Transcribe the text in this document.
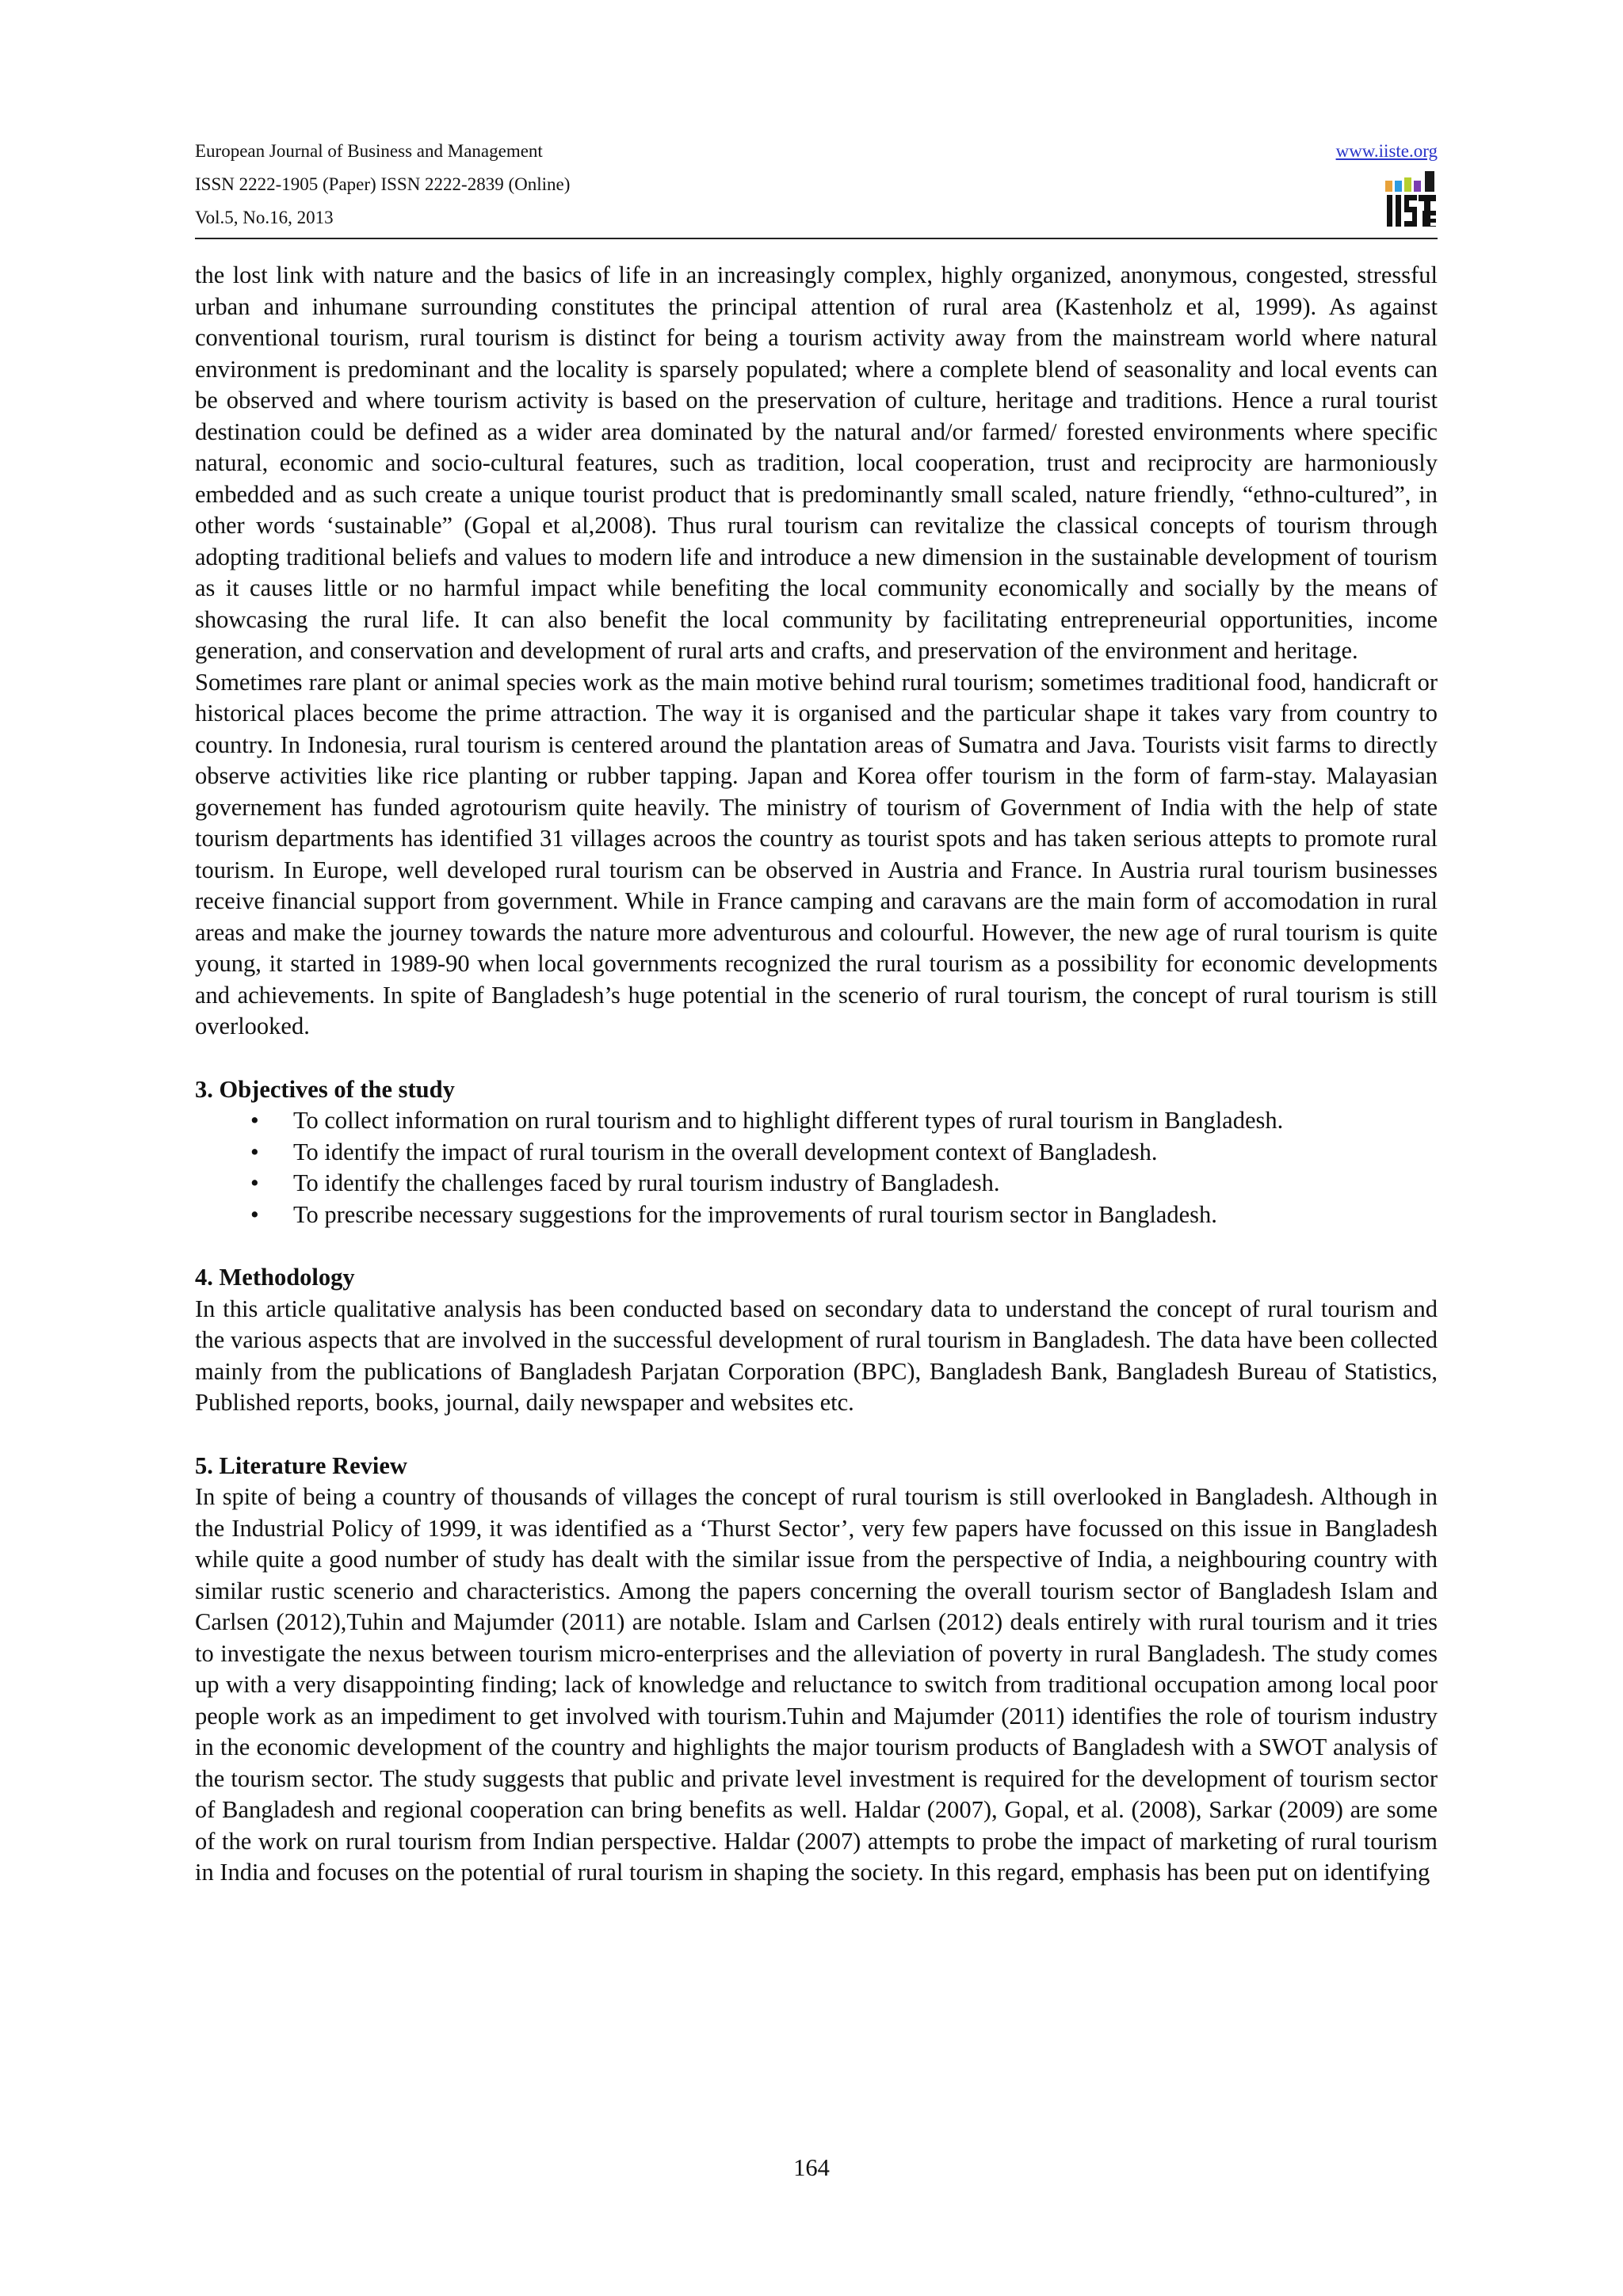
European Journal of Business and Management
ISSN 2222-1905 (Paper) ISSN 2222-2839 (Online)
Vol.5, No.16, 2013
www.iiste.org

the lost link with nature and the basics of life in an increasingly complex, highly organized, anonymous, congested, stressful urban and inhumane surrounding constitutes the principal attention of rural area (Kastenholz et al, 1999). As against conventional tourism, rural tourism is distinct for being a tourism activity away from the mainstream world where natural environment is predominant and the locality is sparsely populated; where a complete blend of seasonality and local events can be observed and where tourism activity is based on the preservation of culture, heritage and traditions. Hence a rural tourist destination could be defined as a wider area dominated by the natural and/or farmed/ forested environments where specific natural, economic and socio-cultural features, such as tradition, local cooperation, trust and reciprocity are harmoniously embedded and as such create a unique tourist product that is predominantly small scaled, nature friendly, “ethno-cultured”, in other words ‘sustainable” (Gopal et al,2008). Thus rural tourism can revitalize the classical concepts of tourism through adopting traditional beliefs and values to modern life and introduce a new dimension in the sustainable development of tourism as it causes little or no harmful impact while benefiting the local community economically and socially by the means of showcasing the rural life. It can also benefit the local community by facilitating entrepreneurial opportunities, income generation, and conservation and development of rural arts and crafts, and preservation of the environment and heritage.

Sometimes rare plant or animal species work as the main motive behind rural tourism; sometimes traditional food, handicraft or historical places become the prime attraction. The way it is organised and the particular shape it takes vary from country to country. In Indonesia, rural tourism is centered around the plantation areas of Sumatra and Java. Tourists visit farms to directly observe activities like rice planting or rubber tapping. Japan and Korea offer tourism in the form of farm-stay. Malayasian governement has funded agrotourism quite heavily. The ministry of tourism of Government of India with the help of state tourism departments has identified 31 villages acroos the country as tourist spots and has taken serious attepts to promote rural tourism. In Europe, well developed rural tourism can be observed in Austria and France. In Austria rural tourism businesses receive financial support from government. While in France camping and caravans are the main form of accomodation in rural areas and make the journey towards the nature more adventurous and colourful. However, the new age of rural tourism is quite young, it started in 1989-90 when local governments recognized the rural tourism as a possibility for economic developments and achievements. In spite of Bangladesh’s huge potential in the scenerio of rural tourism, the concept of rural tourism is still overlooked.

3. Objectives of the study
• To collect information on rural tourism and to highlight different types of rural tourism in Bangladesh.
• To identify the impact of rural tourism in the overall development context of Bangladesh.
• To identify the challenges faced by rural tourism industry of Bangladesh.
• To prescribe necessary suggestions for the improvements of rural tourism sector in Bangladesh.
4. Methodology

In this article qualitative analysis has been conducted based on secondary data to understand the concept of rural tourism and the various aspects that are involved in the successful development of rural tourism in Bangladesh. The data have been collected mainly from the publications of Bangladesh Parjatan Corporation (BPC), Bangladesh Bank, Bangladesh Bureau of Statistics, Published reports, books, journal, daily newspaper and websites etc.

5. Literature Review

In spite of being a country of thousands of villages the concept of rural tourism is still overlooked in Bangladesh. Although in the Industrial Policy of 1999, it was identified as a ‘Thurst Sector’, very few papers have focussed on this issue in Bangladesh while quite a good number of study has dealt with the similar issue from the perspective of India, a neighbouring country with similar rustic scenerio and characteristics. Among the papers concerning the overall tourism sector of Bangladesh Islam and Carlsen (2012),Tuhin and Majumder (2011) are notable. Islam and Carlsen (2012) deals entirely with rural tourism and it tries to investigate the nexus between tourism micro-enterprises and the alleviation of poverty in rural Bangladesh. The study comes up with a very disappointing finding; lack of knowledge and reluctance to switch from traditional occupation among local poor people work as an impediment to get involved with tourism.Tuhin and Majumder (2011) identifies the role of tourism industry in the economic development of the country and highlights the major tourism products of Bangladesh with a SWOT analysis of the tourism sector. The study suggests that public and private level investment is required for the development of tourism sector of Bangladesh and regional cooperation can bring benefits as well. Haldar (2007), Gopal, et al. (2008), Sarkar (2009) are some of the work on rural tourism from Indian perspective. Haldar (2007) attempts to probe the impact of marketing of rural tourism in India and focuses on the potential of rural tourism in shaping the society. In this regard, emphasis has been put on identifying

164
